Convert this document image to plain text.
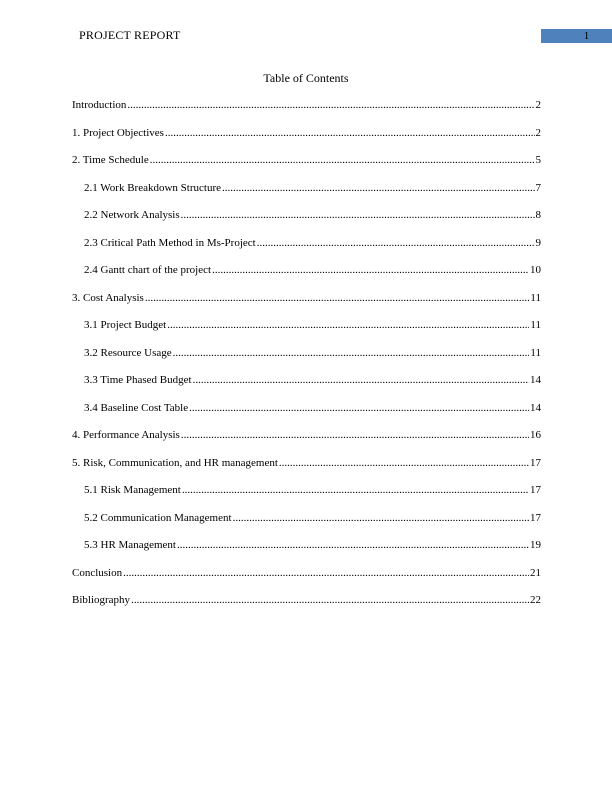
PROJECT REPORT	1
Table of Contents
Introduction .....	2
1. Project Objectives .....	2
2. Time Schedule .....	5
2.1 Work Breakdown Structure .....	7
2.2 Network Analysis .....	8
2.3 Critical Path Method in Ms-Project .....	9
2.4 Gantt chart of the project .....	10
3. Cost Analysis .....	11
3.1 Project Budget .....	11
3.2 Resource Usage .....	11
3.3 Time Phased Budget .....	14
3.4 Baseline Cost Table .....	14
4. Performance Analysis .....	16
5. Risk, Communication, and HR management .....	17
5.1 Risk Management .....	17
5.2 Communication Management .....	17
5.3 HR Management .....	19
Conclusion .....	21
Bibliography .....	22
